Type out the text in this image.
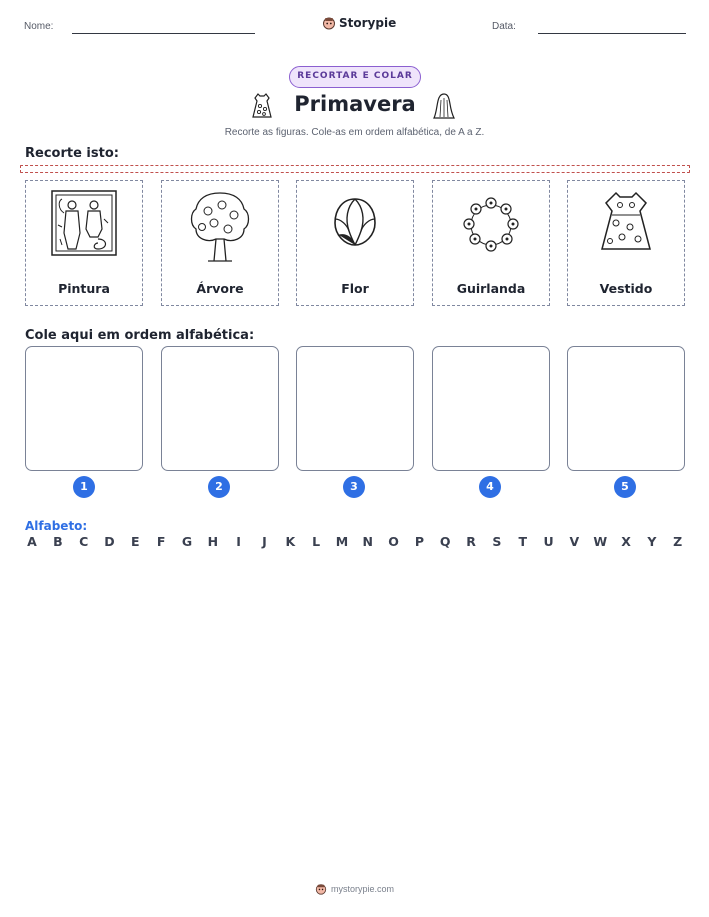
Nome:	Storypie	Data:
RECORTAR E COLAR
Primavera
Recorte as figuras. Cole-as em ordem alfabética, de A a Z.
Recorte isto:
Pintura	Árvore	Flor	Guirlanda	Vestido
Cole aqui em ordem alfabética:
1	2	3	4	5
Alfabeto:
A B C D E F G H	I	J	K L M N O P Q R S T U V W X Y Z
mystorypie.com
